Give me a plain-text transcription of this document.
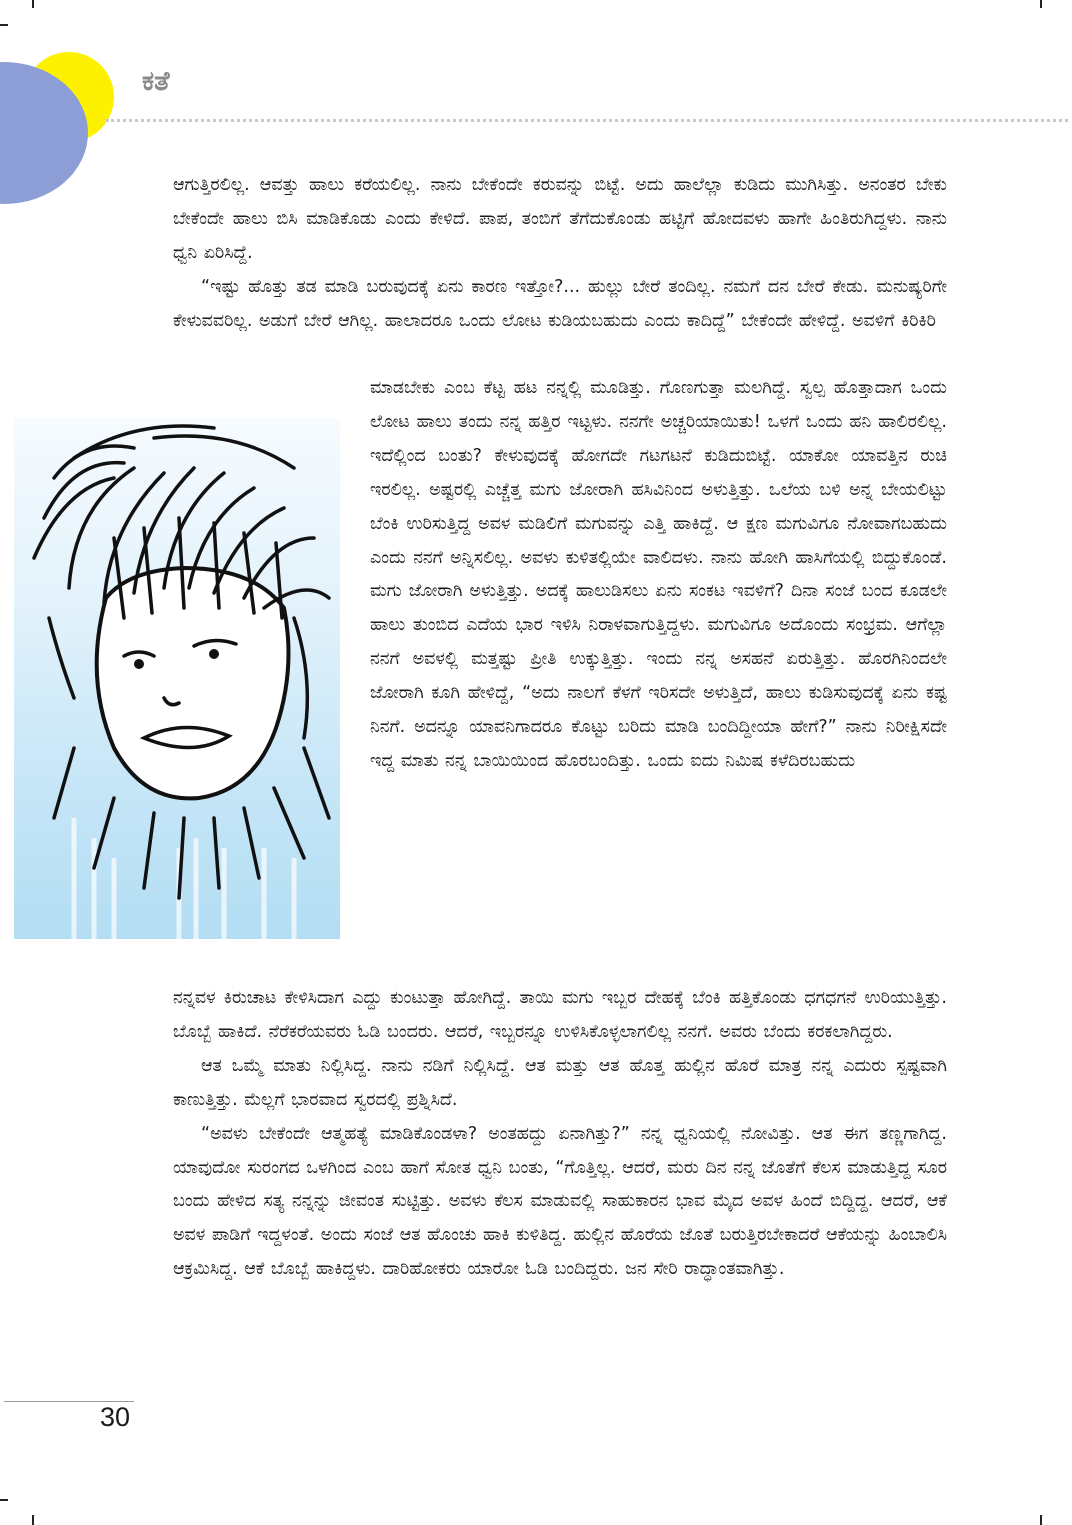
ಕತೆ

ಆಗುತ್ತಿರಲಿಲ್ಲ. ಆವತ್ತು ಹಾಲು ಕರೆಯಲಿಲ್ಲ. ನಾನು ಬೇಕೆಂದೇ ಕರುವನ್ನು ಬಿಟ್ಟೆ. ಅದು ಹಾಲೆಲ್ಲಾ ಕುಡಿದು ಮುಗಿಸಿತ್ತು. ಅನಂತರ ಬೇಕು ಬೇಕೆಂದೇ ಹಾಲು ಬಿಸಿ ಮಾಡಿಕೊಡು ಎಂದು ಕೇಳಿದೆ. ಪಾಪ, ತಂಬಿಗೆ ತೆಗೆದುಕೊಂಡು ಹಟ್ಟಿಗೆ ಹೋದವಳು ಹಾಗೇ ಹಿಂತಿರುಗಿದ್ದಳು. ನಾನು ಧ್ವನಿ ಏರಿಸಿದ್ದೆ.

“ಇಷ್ಟು ಹೊತ್ತು ತಡ ಮಾಡಿ ಬರುವುದಕ್ಕೆ ಏನು ಕಾರಣ ಇತ್ತೋ?... ಹುಲ್ಲು ಬೇರೆ ತಂದಿಲ್ಲ. ನಮಗೆ ದನ ಬೇರೆ ಕೇಡು. ಮನುಷ್ಯರಿಗೇ ಕೇಳುವವರಿಲ್ಲ. ಅಡುಗೆ ಬೇರೆ ಆಗಿಲ್ಲ. ಹಾಲಾದರೂ ಒಂದು ಲೋಟ ಕುಡಿಯಬಹುದು ಎಂದು ಕಾದಿದ್ದೆ” ಬೇಕೆಂದೇ ಹೇಳಿದ್ದೆ. ಅವಳಿಗೆ ಕಿರಿಕಿರಿ

ಮಾಡಬೇಕು ಎಂಬ ಕೆಟ್ಟ ಹಟ ನನ್ನಲ್ಲಿ ಮೂಡಿತ್ತು. ಗೊಣಗುತ್ತಾ ಮಲಗಿದ್ದೆ. ಸ್ವಲ್ಪ ಹೊತ್ತಾದಾಗ ಒಂದು ಲೋಟ ಹಾಲು ತಂದು ನನ್ನ ಹತ್ತಿರ ಇಟ್ಟಳು. ನನಗೇ ಅಚ್ಚರಿಯಾಯಿತು! ಒಳಗೆ ಒಂದು ಹನಿ ಹಾಲಿರಲಿಲ್ಲ. ಇದೆಲ್ಲಿಂದ ಬಂತು? ಕೇಳುವುದಕ್ಕೆ ಹೋಗದೇ ಗಟಗಟನೆ ಕುಡಿದುಬಿಟ್ಟೆ. ಯಾಕೋ ಯಾವತ್ತಿನ ರುಚಿ ಇರಲಿಲ್ಲ. ಅಷ್ಟರಲ್ಲಿ ಎಚ್ಚೆತ್ತ ಮಗು ಜೋರಾಗಿ ಹಸಿವಿನಿಂದ ಅಳುತ್ತಿತ್ತು. ಒಲೆಯ ಬಳಿ ಅನ್ನ ಬೇಯಲಿಟ್ಟು ಬೆಂಕಿ ಉರಿಸುತ್ತಿದ್ದ ಅವಳ ಮಡಿಲಿಗೆ ಮಗುವನ್ನು ಎತ್ತಿ ಹಾಕಿದ್ದೆ. ಆ ಕ್ಷಣ ಮಗುವಿಗೂ ನೋವಾಗಬಹುದು ಎಂದು ನನಗೆ ಅನ್ನಿಸಲಿಲ್ಲ. ಅವಳು ಕುಳಿತಲ್ಲಿಯೇ ವಾಲಿದಳು. ನಾನು ಹೋಗಿ ಹಾಸಿಗೆಯಲ್ಲಿ ಬಿದ್ದುಕೊಂಡೆ. ಮಗು ಜೋರಾಗಿ ಅಳುತ್ತಿತ್ತು. ಅದಕ್ಕೆ ಹಾಲುಡಿಸಲು ಏನು ಸಂಕಟ ಇವಳಿಗೆ? ದಿನಾ ಸಂಜೆ ಬಂದ ಕೂಡಲೇ ಹಾಲು ತುಂಬಿದ ಎದೆಯ ಭಾರ ಇಳಿಸಿ ನಿರಾಳವಾಗುತ್ತಿದ್ದಳು. ಮಗುವಿಗೂ ಅದೊಂದು ಸಂಭ್ರಮ. ಆಗೆಲ್ಲಾ ನನಗೆ ಅವಳಲ್ಲಿ ಮತ್ತಷ್ಟು ಪ್ರೀತಿ ಉಕ್ಕುತ್ತಿತ್ತು. ಇಂದು ನನ್ನ ಅಸಹನೆ ಏರುತ್ತಿತ್ತು. ಹೊರಗಿನಿಂದಲೇ ಜೋರಾಗಿ ಕೂಗಿ ಹೇಳಿದ್ದೆ, “ಅದು ನಾಲಗೆ ಕೆಳಗೆ ಇರಿಸದೇ ಅಳುತ್ತಿದೆ, ಹಾಲು ಕುಡಿಸುವುದಕ್ಕೆ ಏನು ಕಷ್ಟ ನಿನಗೆ. ಅದನ್ನೂ ಯಾವನಿಗಾದರೂ ಕೊಟ್ಟು ಬರಿದು ಮಾಡಿ ಬಂದಿದ್ದೀಯಾ ಹೇಗೆ?” ನಾನು ನಿರೀಕ್ಷಿಸದೇ ಇದ್ದ ಮಾತು ನನ್ನ ಬಾಯಿಯಿಂದ ಹೊರಬಂದಿತ್ತು. ಒಂದು ಐದು ನಿಮಿಷ ಕಳೆದಿರಬಹುದು

ನನ್ನವಳ ಕಿರುಚಾಟ ಕೇಳಿಸಿದಾಗ ಎದ್ದು ಕುಂಟುತ್ತಾ ಹೋಗಿದ್ದೆ. ತಾಯಿ ಮಗು ಇಬ್ಬರ ದೇಹಕ್ಕೆ ಬೆಂಕಿ ಹತ್ತಿಕೊಂಡು ಧಗಧಗನೆ ಉರಿಯುತ್ತಿತ್ತು. ಬೊಬ್ಬೆ ಹಾಕಿದೆ. ನೆರೆಕರೆಯವರು ಓಡಿ ಬಂದರು. ಆದರೆ, ಇಬ್ಬರನ್ನೂ ಉಳಿಸಿಕೊಳ್ಳಲಾಗಲಿಲ್ಲ ನನಗೆ. ಅವರು ಬೆಂದು ಕರಕಲಾಗಿದ್ದರು.

ಆತ ಒಮ್ಮೆ ಮಾತು ನಿಲ್ಲಿಸಿದ್ದ. ನಾನು ನಡಿಗೆ ನಿಲ್ಲಿಸಿದ್ದೆ. ಆತ ಮತ್ತು ಆತ ಹೊತ್ತ ಹುಲ್ಲಿನ ಹೊರೆ ಮಾತ್ರ ನನ್ನ ಎದುರು ಸ್ಪಷ್ಟವಾಗಿ ಕಾಣುತ್ತಿತ್ತು. ಮೆಲ್ಲಗೆ ಭಾರವಾದ ಸ್ವರದಲ್ಲಿ ಪ್ರಶ್ನಿಸಿದೆ.

“ಅವಳು ಬೇಕೆಂದೇ ಆತ್ಮಹತ್ಯೆ ಮಾಡಿಕೊಂಡಳಾ? ಅಂತಹದ್ದು ಏನಾಗಿತ್ತು?” ನನ್ನ ಧ್ವನಿಯಲ್ಲಿ ನೋವಿತ್ತು. ಆತ ಈಗ ತಣ್ಣಗಾಗಿದ್ದ. ಯಾವುದೋ ಸುರಂಗದ ಒಳಗಿಂದ ಎಂಬ ಹಾಗೆ ಸೋತ ಧ್ವನಿ ಬಂತು, “ಗೊತ್ತಿಲ್ಲ. ಆದರೆ, ಮರು ದಿನ ನನ್ನ ಜೊತೆಗೆ ಕೆಲಸ ಮಾಡುತ್ತಿದ್ದ ಸೂರ ಬಂದು ಹೇಳಿದ ಸತ್ಯ ನನ್ನನ್ನು ಜೀವಂತ ಸುಟ್ಟಿತ್ತು. ಅವಳು ಕೆಲಸ ಮಾಡುವಲ್ಲಿ ಸಾಹುಕಾರನ ಭಾವ ಮೈದ ಅವಳ ಹಿಂದೆ ಬಿದ್ದಿದ್ದ. ಆದರೆ, ಆಕೆ ಅವಳ ಪಾಡಿಗೆ ಇದ್ದಳಂತೆ. ಅಂದು ಸಂಜೆ ಆತ ಹೊಂಚು ಹಾಕಿ ಕುಳಿತಿದ್ದ. ಹುಲ್ಲಿನ ಹೊರೆಯ ಜೊತೆ ಬರುತ್ತಿರಬೇಕಾದರೆ ಆಕೆಯನ್ನು ಹಿಂಬಾಲಿಸಿ ಆಕ್ರಮಿಸಿದ್ದ. ಆಕೆ ಬೊಬ್ಬೆ ಹಾಕಿದ್ದಳು. ದಾರಿಹೋಕರು ಯಾರೋ ಓಡಿ ಬಂದಿದ್ದರು. ಜನ ಸೇರಿ ರಾದ್ಧಾಂತವಾಗಿತ್ತು.

30
